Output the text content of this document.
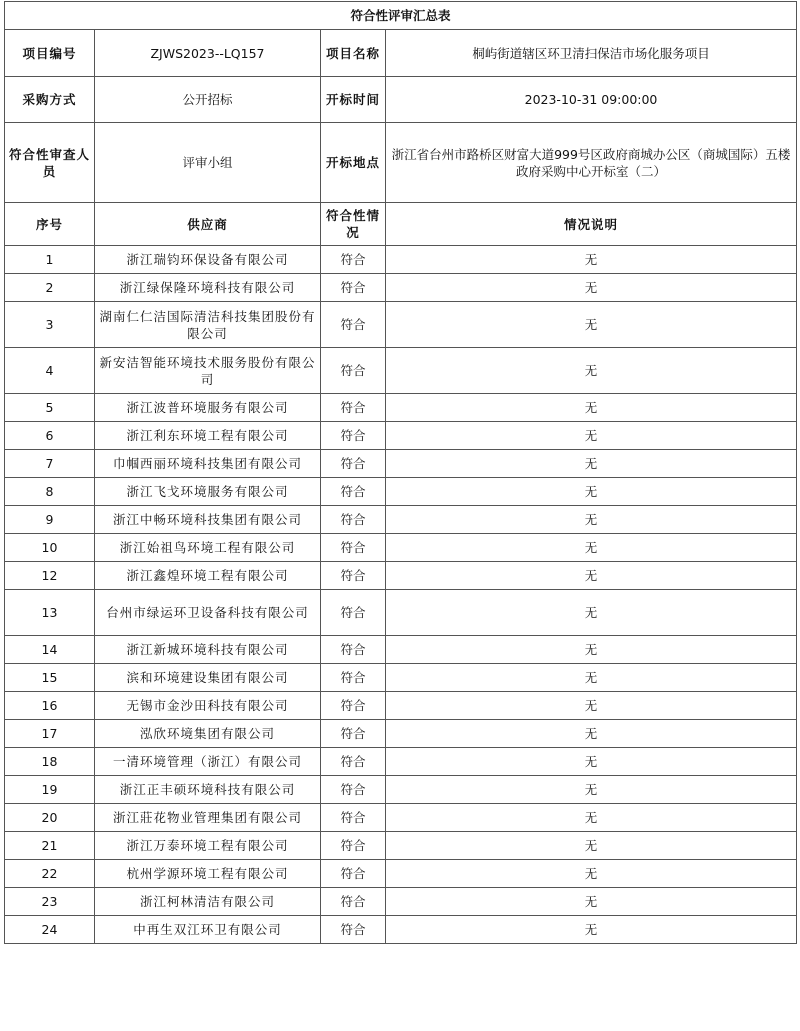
符合性评审汇总表			
项目编号	ZJWS2023--LQ157	项目名称	桐屿街道辖区环卫清扫保洁市场化服务项目
采购方式	公开招标	开标时间	2023-10-31 09:00:00
符合性审查人员	评审小组	开标地点	浙江省台州市路桥区财富大道999号区政府商城办公区（商城国际）五楼政府采购中心开标室（二）
序号	供应商	符合性情况	情况说明
1	浙江瑞钧环保设备有限公司	符合	无
2	浙江绿保隆环境科技有限公司	符合	无
3	湖南仁仁洁国际清洁科技集团股份有限公司	符合	无
4	新安洁智能环境技术服务股份有限公司	符合	无
5	浙江波普环境服务有限公司	符合	无
6	浙江利东环境工程有限公司	符合	无
7	巾帼西丽环境科技集团有限公司	符合	无
8	浙江飞戈环境服务有限公司	符合	无
9	浙江中畅环境科技集团有限公司	符合	无
10	浙江始祖鸟环境工程有限公司	符合	无
12	浙江鑫煌环境工程有限公司	符合	无
13	台州市绿运环卫设备科技有限公司	符合	无
14	浙江新城环境科技有限公司	符合	无
15	滨和环境建设集团有限公司	符合	无
16	无锡市金沙田科技有限公司	符合	无
17	泓欣环境集团有限公司	符合	无
18	一清环境管理（浙江）有限公司	符合	无
19	浙江正丰硕环境科技有限公司	符合	无
20	浙江莊花物业管理集团有限公司	符合	无
21	浙江万泰环境工程有限公司	符合	无
22	杭州学源环境工程有限公司	符合	无
23	浙江柯林清洁有限公司	符合	无
24	中再生双江环卫有限公司	符合	无
